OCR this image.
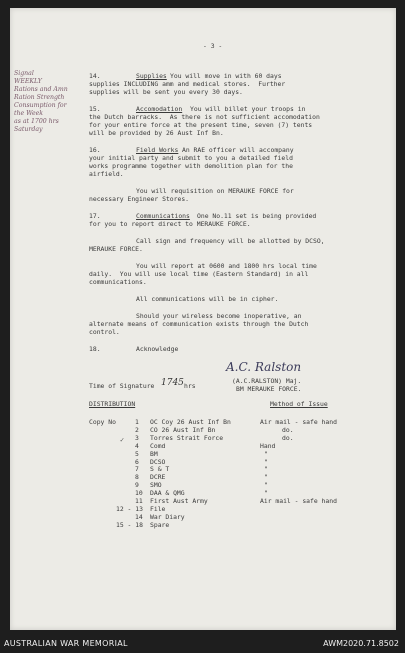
- 3 -
Signal
WEEKLY
Rations and Amn
Ration Strength
Consumption for
the Week
as at 1700 hrs
Saturday
14.	Supplies You will move in with 60 days
supplies INCLUDING amm and medical stores.  Further
supplies will be sent you every 30 days.
15.	Accomodation You will billet your troops in
the Dutch barracks.  As there is not sufficient accomodation
for your entire force at the present time, seven (7) tents
will be provided by 26 Aust Inf Bn.
16.	Field Works An RAE officer will accompany
your initial party and submit to you a detailed field
works programme together with demolition plan for the
airfield.
You will requisition on MERAUKE FORCE for
necessary Engineer Stores.
17.	Communications One No.11 set is being provided
for you to report direct to MERAUKE FORCE.
Call sign and frequency will be allotted by DCSO,
MERAUKE FORCE.
You will report at 0600 and 1800 hrs local time
daily.  You will use local time (Eastern Standard) in all
communications.
All communications will be in cipher.
Should your wireless become inoperative, an
alternate means of communication exists through the Dutch
control.
18.	Acknowledge
A.C. Ralston
(A.C.RALSTON) Maj.
BM MERAUKE FORCE.
Time of Signature 1745 hrs
DISTRIBUTION	Method of Issue
Copy No
✓
1 OC Coy 26 Aust Inf Bn	Air mail - safe hand
2 CO 26 Aust Inf Bn	do.
3 Torres Strait Force	do.
4 Comd	Hand
5 BM	"
6 DCSO	"
7 S & T	"
8 DCRE	"
9 SMO	"
10 DAA & QMG	"
11 First Aust Army	Air mail - safe hand
12 - 13 File
14 War Diary
15 - 18 Spare
AUSTRALIAN WAR MEMORIAL	AWM2020.71.8502
